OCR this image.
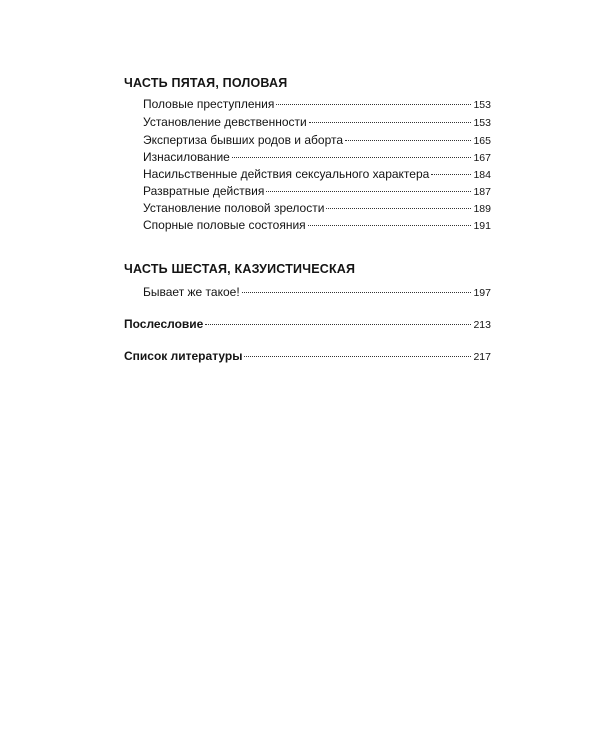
ЧАСТЬ ПЯТАЯ, ПОЛОВАЯ
Половые преступления	153
Установление девственности	153
Экспертиза бывших родов и аборта	165
Изнасилование	167
Насильственные действия сексуального характера	184
Развратные действия	187
Установление половой зрелости	189
Спорные половые состояния	191
ЧАСТЬ ШЕСТАЯ, КАЗУИСТИЧЕСКАЯ
Бывает же такое!	197
Послесловие	213
Список литературы	217
